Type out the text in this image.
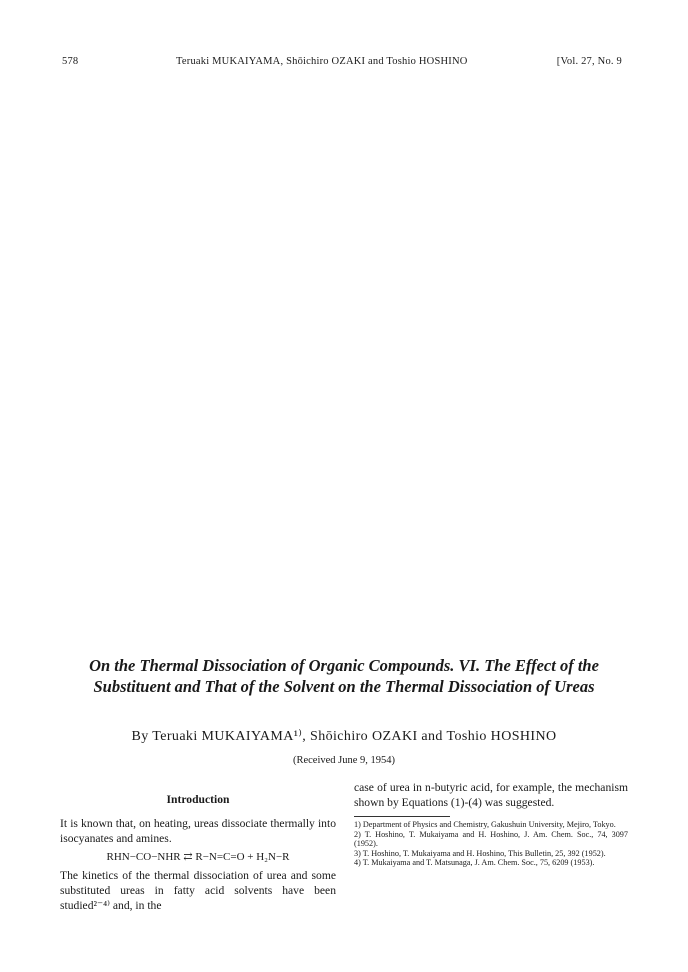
578	Teruaki MUKAIYAMA, Shōichiro OZAKI and Toshio HOSHINO	[Vol. 27, No. 9
On the Thermal Dissociation of Organic Compounds. VI. The Effect of the Substituent and That of the Solvent on the Thermal Dissociation of Ureas
By Teruaki MUKAIYAMA¹⁾, Shōichiro OZAKI and Toshio HOSHINO
(Received June 9, 1954)
Introduction

It is known that, on heating, ureas dissociate thermally into isocyanates and amines.

RHN−CO−NHR ⇄ R−N=C=O + H₂N−R

The kinetics of the thermal dissociation of urea and some substituted ureas in fatty acid solvents have been studied²⁻⁴⁾ and, in the

case of urea in n-butyric acid, for example, the mechanism shown by Equations (1)-(4) was suggested.

1) Department of Physics and Chemistry, Gakushuin University, Mejiro, Tokyo.

2) T. Hoshino, T. Mukaiyama and H. Hoshino, J. Am. Chem. Soc., 74, 3097 (1952).

3) T. Hoshino, T. Mukaiyama and H. Hoshino, This Bulletin, 25, 392 (1952).

4) T. Mukaiyama and T. Matsunaga, J. Am. Chem. Soc., 75, 6209 (1953).
